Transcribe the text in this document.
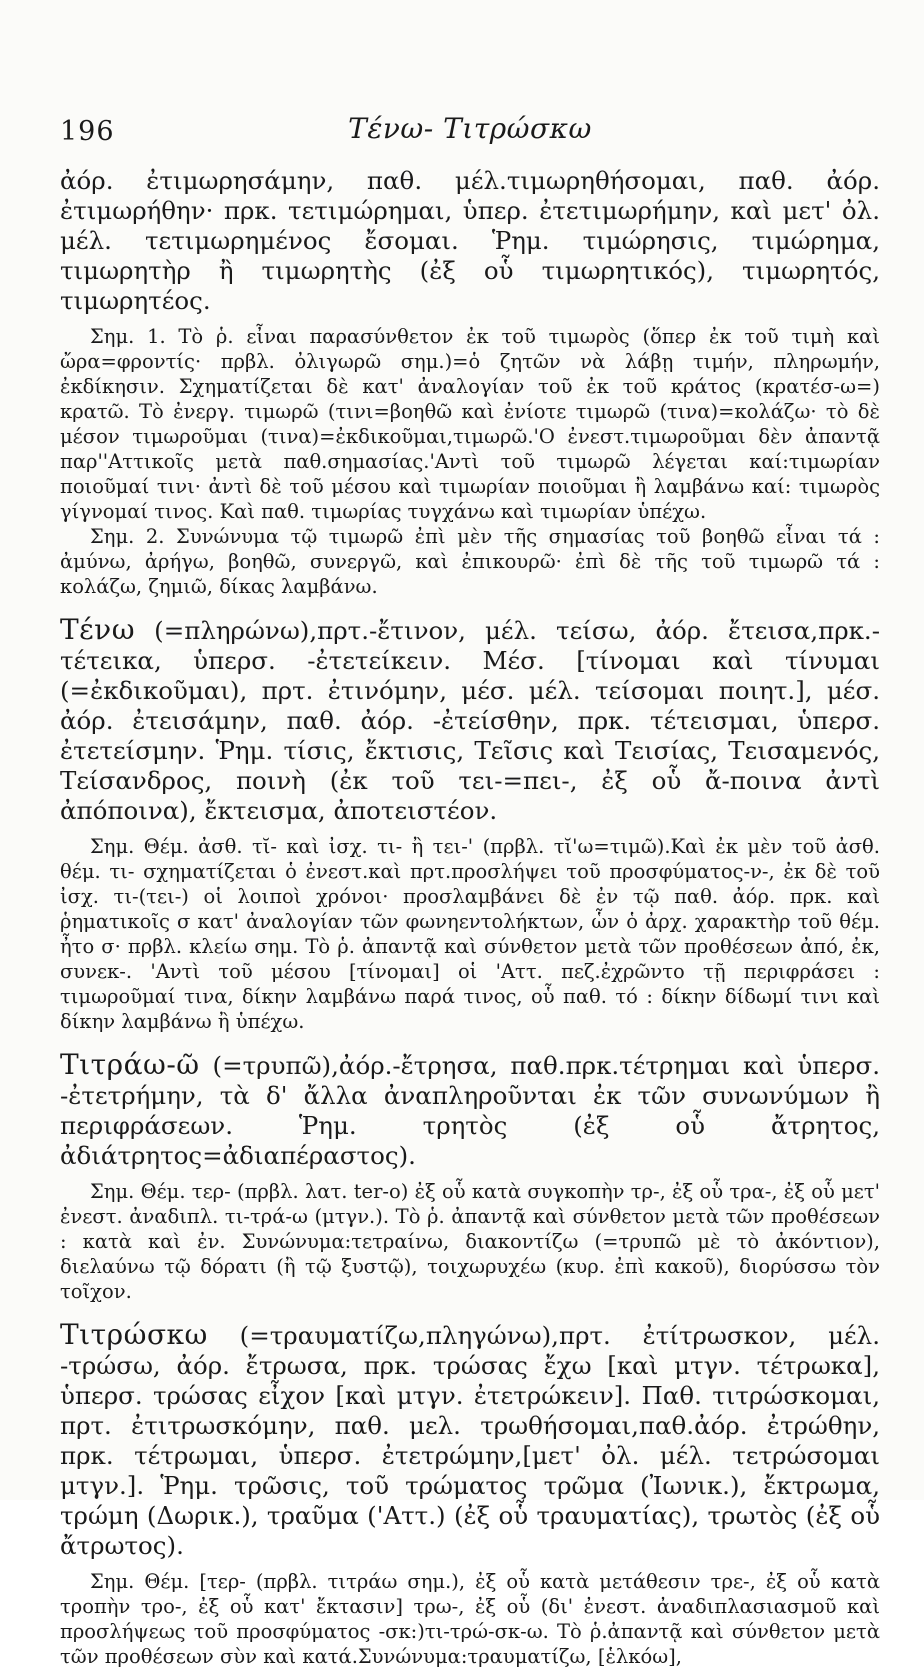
196	Τένω- Τιτρώσκω

ἀόρ. ἐτιμωρησάμην, παθ. μέλ.τιμωρηθήσομαι, παθ. ἀόρ. ἐτιμωρήθην· πρκ. τετιμώρημαι, ὑπερ. ἐτετιμωρήμην, καὶ μετ' ὀλ. μέλ. τετιμωρημένος ἔσομαι. Ῥημ. τιμώρησις, τιμώρημα, τιμωρητὴρ ἢ τιμωρητὴς (ἐξ οὗ τιμωρητικός), τιμωρητός, τιμωρητέος.

Σημ. 1. Τὸ ῥ. εἶναι παρασύνθετον ἐκ τοῦ τιμωρὸς (ὅπερ ἐκ τοῦ τιμὴ καὶ ὤρα=φροντίς· πρβλ. ὀλιγωρῶ σημ.)=ὁ ζητῶν νὰ λάβῃ τιμήν, πληρωμήν, ἐκδίκησιν. Σχηματίζεται δὲ κατ' ἀναλογίαν τοῦ ἐκ τοῦ κράτος (κρατέσ-ω=) κρατῶ. Τὸ ἐνεργ. τιμωρῶ (τινι=βοηθῶ καὶ ἐνίοτε τιμωρῶ (τινα)=κολάζω· τὸ δὲ μέσον τιμωροῦμαι (τινα)=ἐκδικοῦμαι,τιμωρῶ.'Ο ἐνεστ.τιμωροῦμαι δὲν ἀπαντᾷ παρ''Αττικοῖς μετὰ παθ.σημασίας.'Αντὶ τοῦ τιμωρῶ λέγεται καί:τιμωρίαν ποιοῦμαί τινι· ἀντὶ δὲ τοῦ μέσου καὶ τιμωρίαν ποιοῦμαι ἢ λαμβάνω καί: τιμωρὸς γίγνομαί τινος. Καὶ παθ. τιμωρίας τυγχάνω καὶ τιμωρίαν ὑπέχω.

Σημ. 2. Συνώνυμα τῷ τιμωρῶ ἐπὶ μὲν τῆς σημασίας τοῦ βοηθῶ εἶναι τά : ἀμύνω, ἀρήγω, βοηθῶ, συνεργῶ, καὶ ἐπικουρῶ· ἐπὶ δὲ τῆς τοῦ τιμωρῶ τά : κολάζω, ζημιῶ, δίκας λαμβάνω.

Τένω (=πληρώνω),πρτ.-ἔτινον, μέλ. τείσω, ἀόρ. ἔτεισα,πρκ.-τέτεικα, ὑπερσ. -ἐτετείκειν. Μέσ. [τίνομαι καὶ τίνυμαι (=ἐκδικοῦμαι), πρτ. ἐτινόμην, μέσ. μέλ. τείσομαι ποιητ.], μέσ. ἀόρ. ἐτεισάμην, παθ. ἀόρ. -ἐτείσθην, πρκ. τέτεισμαι, ὑπερσ. ἐτετείσμην. Ῥημ. τίσις, ἔκτισις, Τεῖσις καὶ Τεισίας, Τεισαμενός, Τείσανδρος, ποινὴ (ἐκ τοῦ τει-=πει-, ἐξ οὗ ἄ-ποινα ἀντὶ ἀπόποινα), ἔκτεισμα, ἀποτειστέον.

Σημ. Θέμ. ἀσθ. τῐ- καὶ ἰσχ. τι- ἢ τει-' (πρβλ. τῐ'ω=τιμῶ).Καὶ ἐκ μὲν τοῦ ἀσθ. θέμ. τι- σχηματίζεται ὁ ἐνεστ.καὶ πρτ.προσλήψει τοῦ προσφύματος-ν-, ἐκ δὲ τοῦ ἰσχ. τι-(τει-) οἱ λοιποὶ χρόνοι· προσλαμβάνει δὲ ἐν τῷ παθ. ἀόρ. πρκ. καὶ ῥηματικοῖς σ κατ' ἀναλογίαν τῶν φωνηεντολήκτων, ὧν ὁ ἀρχ. χαρακτὴρ τοῦ θέμ. ἦτο σ· πρβλ. κλείω σημ. Τὸ ῥ. ἀπαντᾷ καὶ σύνθετον μετὰ τῶν προθέσεων ἀπό, ἐκ, συνεκ-. 'Αντὶ τοῦ μέσου [τίνομαι] οἱ 'Αττ. πεζ.ἐχρῶντο τῇ περιφράσει : τιμωροῦμαί τινα, δίκην λαμβάνω παρά τινος, οὗ παθ. τό : δίκην δίδωμί τινι καὶ δίκην λαμβάνω ἢ ὑπέχω.

Τιτράω-ῶ (=τρυπῶ),ἀόρ.-ἔτρησα, παθ.πρκ.τέτρημαι καὶ ὑπερσ. -ἐτετρήμην, τὰ δ' ἄλλα ἀναπληροῦνται ἐκ τῶν συνωνύμων ἢ περιφράσεων. Ῥημ. τρητὸς (ἐξ οὗ ἄτρητος, ἀδιάτρητος=ἀδιαπέραστος).

Σημ. Θέμ. τερ- (πρβλ. λατ. ter-o) ἐξ οὗ κατὰ συγκοπὴν τρ-, ἐξ οὗ τρα-, ἐξ οὗ μετ' ἐνεστ. ἀναδιπλ. τι-τρά-ω (μτγν.). Τὸ ῥ. ἀπαντᾷ καὶ σύνθετον μετὰ τῶν προθέσεων : κατὰ καὶ ἐν. Συνώνυμα:τετραίνω, διακοντίζω (=τρυπῶ μὲ τὸ ἀκόντιον), διελαύνω τῷ δόρατι (ἢ τῷ ξυστῷ), τοιχωρυχέω (κυρ. ἐπὶ κακοῦ), διορύσσω τὸν τοῖχον.

Τιτρώσκω (=τραυματίζω,πληγώνω),πρτ. ἐτίτρωσκον, μέλ. -τρώσω, ἀόρ. ἔτρωσα, πρκ. τρώσας ἔχω [καὶ μτγν. τέτρωκα], ὑπερσ. τρώσας εἶχον [καὶ μτγν. ἐτετρώκειν]. Παθ. τιτρώσκομαι, πρτ. ἐτιτρωσκόμην, παθ. μελ. τρωθήσομαι,παθ.ἀόρ. ἐτρώθην, πρκ. τέτρωμαι, ὑπερσ. ἐτετρώμην,[μετ' ὀλ. μέλ. τετρώσομαι μτγν.]. Ῥημ. τρῶσις, τοῦ τρώματος τρῶμα (Ἰωνικ.), ἔκτρωμα, τρώμη (Δωρικ.), τραῦμα ('Αττ.) (ἐξ οὗ τραυματίας), τρωτὸς (ἐξ οὗ ἄτρωτος).

Σημ. Θέμ. [τερ- (πρβλ. τιτράω σημ.), ἐξ οὗ κατὰ μετάθεσιν τρε-, ἐξ οὗ κατὰ τροπὴν τρο-, ἐξ οὗ κατ' ἔκτασιν] τρω-, ἐξ οὗ (δι' ἐνεστ. ἀναδιπλασιασμοῦ καὶ προσλήψεως τοῦ προσφύματος -σκ:)τι-τρώ-σκ-ω. Τὸ ῥ.ἀπαντᾷ καὶ σύνθετον μετὰ τῶν προθέσεων σὺν καὶ κατά.Συνώνυμα:τραυματίζω, [ἑλκόω],
